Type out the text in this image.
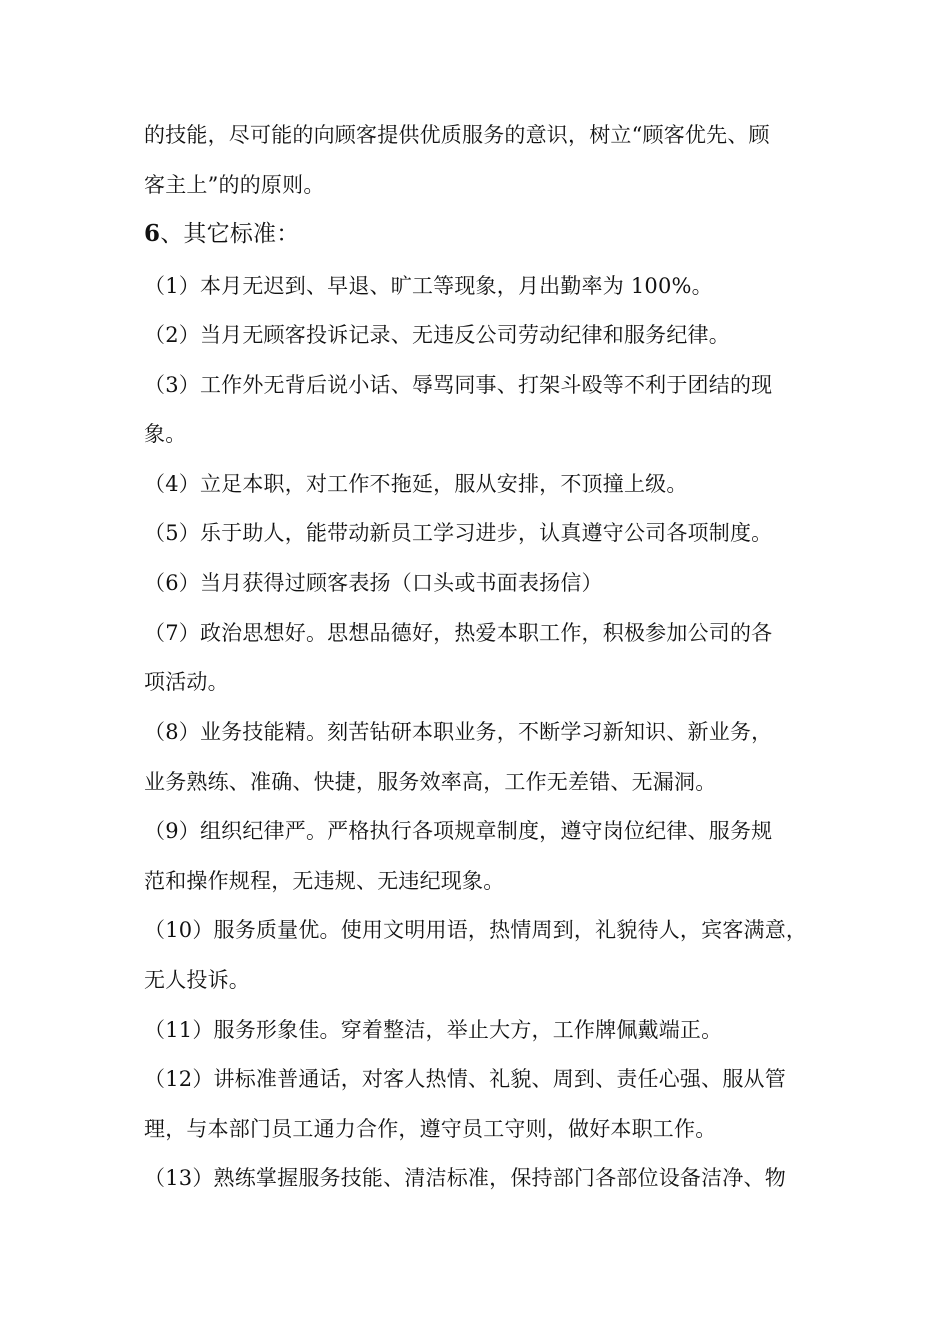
的技能，尽可能的向顾客提供优质服务的意识，树立“顾客优先、顾
客主上”的的原则。
6、其它标准：
（1）本月无迟到、早退、旷工等现象，月出勤率为 100%。
（2）当月无顾客投诉记录、无违反公司劳动纪律和服务纪律。
（3）工作外无背后说小话、辱骂同事、打架斗殴等不利于团结的现
象。
（4）立足本职，对工作不拖延，服从安排，不顶撞上级。
（5）乐于助人，能带动新员工学习进步，认真遵守公司各项制度。
（6）当月获得过顾客表扬（口头或书面表扬信）
（7）政治思想好。思想品德好，热爱本职工作，积极参加公司的各
项活动。
（8）业务技能精。刻苦钻研本职业务，不断学习新知识、新业务，
业务熟练、准确、快捷，服务效率高，工作无差错、无漏洞。
（9）组织纪律严。严格执行各项规章制度，遵守岗位纪律、服务规
范和操作规程，无违规、无违纪现象。
（10）服务质量优。使用文明用语，热情周到，礼貌待人，宾客满意，
无人投诉。
（11）服务形象佳。穿着整洁，举止大方，工作牌佩戴端正。
（12）讲标准普通话，对客人热情、礼貌、周到、责任心强、服从管
理，与本部门员工通力合作，遵守员工守则，做好本职工作。
（13）熟练掌握服务技能、清洁标准，保持部门各部位设备洁净、物
